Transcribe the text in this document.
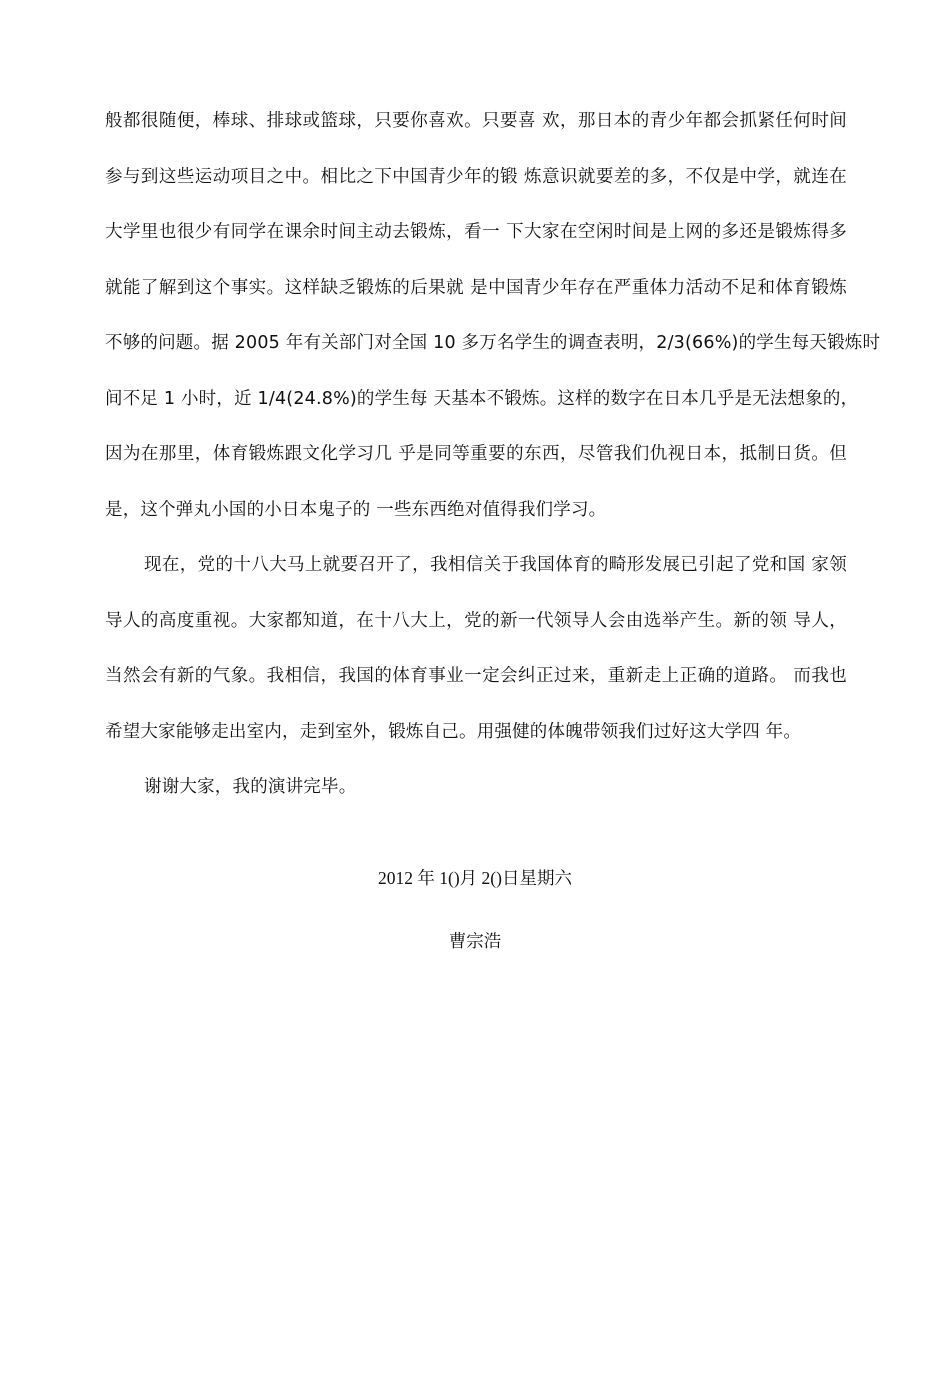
般都很随便，棒球、排球或篮球，只要你喜欢。只要喜 欢，那日本的青少年都会抓紧任何时间
参与到这些运动项目之中。相比之下中国青少年的锻 炼意识就要差的多，不仅是中学，就连在
大学里也很少有同学在课余时间主动去锻炼，看一 下大家在空闲时间是上网的多还是锻炼得多
就能了解到这个事实。这样缺乏锻炼的后果就 是中国青少年存在严重体力活动不足和体育锻炼
不够的问题。据 2005 年有关部门对全国 10 多万名学生的调查表明，2/3(66%)的学生每天锻炼时
间不足 1 小时，近 1/4(24.8%)的学生每 天基本不锻炼。这样的数字在日本几乎是无法想象的，
因为在那里，体育锻炼跟文化学习几 乎是同等重要的东西，尽管我们仇视日本，抵制日货。但
是，这个弹丸小国的小日本鬼子的 一些东西绝对值得我们学习。
现在，党的十八大马上就要召开了，我相信关于我国体育的畸形发展已引起了党和国 家领
导人的高度重视。大家都知道，在十八大上，党的新一代领导人会由选举产生。新的领 导人，
当然会有新的气象。我相信，我国的体育事业一定会纠正过来，重新走上正确的道路。 而我也
希望大家能够走出室内，走到室外，锻炼自己。用强健的体魄带领我们过好这大学四 年。
谢谢大家，我的演讲完毕。
2012 年 1()月 2()日星期六
曹宗浩
